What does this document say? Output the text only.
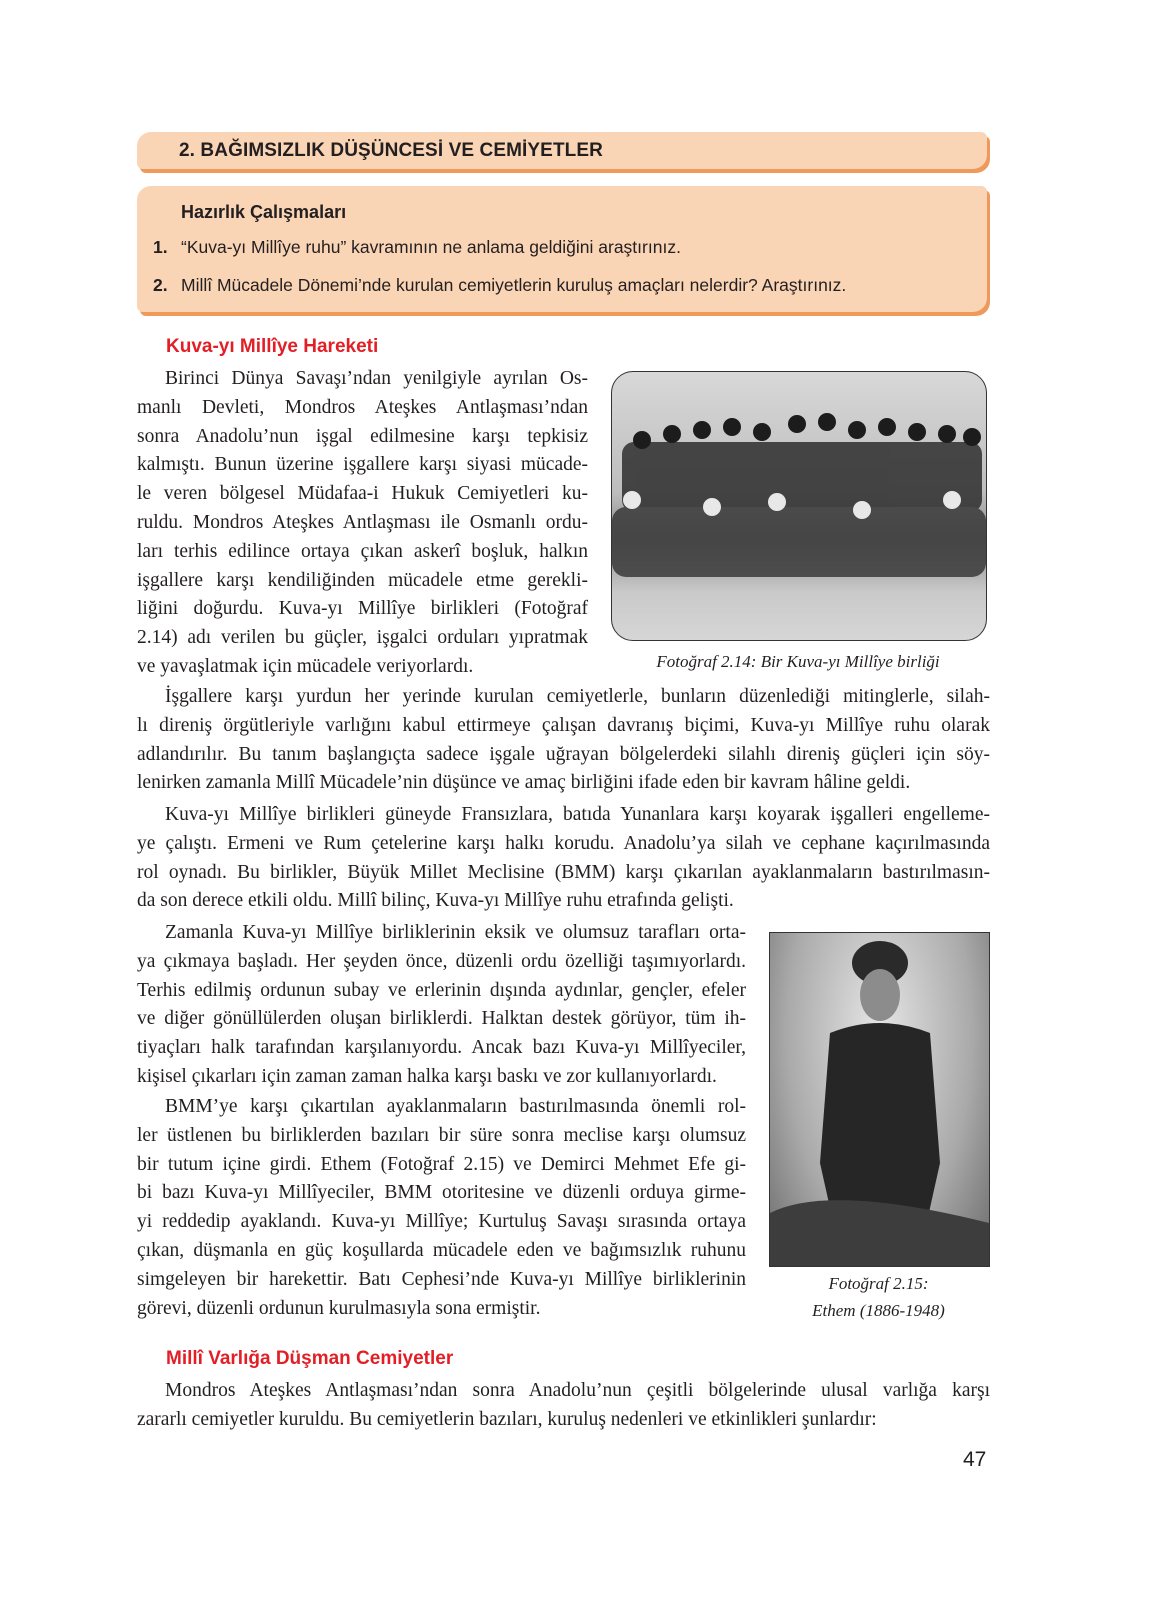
2. BAĞIMSIZLIK DÜŞÜNCESİ VE CEMİYETLER
Hazırlık Çalışmaları
1. “Kuva-yı Millîye ruhu” kavramının ne anlama geldiğini araştırınız.
2. Millî Mücadele Dönemi’nde kurulan cemiyetlerin kuruluş amaçları nelerdir? Araştırınız.
Kuva-yı Millîye Hareketi
Birinci Dünya Savaşı’ndan yenilgiyle ayrılan Os-
manlı Devleti, Mondros Ateşkes Antlaşması’ndan
sonra Anadolu’nun işgal edilmesine karşı tepkisiz
kalmıştı. Bunun üzerine işgallere karşı siyasi mücade-
le veren bölgesel Müdafaa-i Hukuk Cemiyetleri ku-
ruldu. Mondros Ateşkes Antlaşması ile Osmanlı ordu-
ları terhis edilince ortaya çıkan askerî boşluk, halkın
işgallere karşı kendiliğinden mücadele etme gerekli-
liğini doğurdu. Kuva-yı Millîye birlikleri (Fotoğraf
2.14) adı verilen bu güçler, işgalci orduları yıpratmak
ve yavaşlatmak için mücadele veriyorlardı.	Fotoğraf 2.14: Bir Kuva-yı Millîye birliği
İşgallere karşı yurdun her yerinde kurulan cemiyetlerle, bunların düzenlediği mitinglerle, silah-
lı direniş örgütleriyle varlığını kabul ettirmeye çalışan davranış biçimi, Kuva-yı Millîye ruhu olarak
adlandırılır. Bu tanım başlangıçta sadece işgale uğrayan bölgelerdeki silahlı direniş güçleri için söy-
lenirken zamanla Millî Mücadele’nin düşünce ve amaç birliğini ifade eden bir kavram hâline geldi.
Kuva-yı Millîye birlikleri güneyde Fransızlara, batıda Yunanlara karşı koyarak işgalleri engelleme-
ye çalıştı. Ermeni ve Rum çetelerine karşı halkı korudu. Anadolu’ya silah ve cephane kaçırılmasında
rol oynadı. Bu birlikler, Büyük Millet Meclisine (BMM) karşı çıkarılan ayaklanmaların bastırılmasın-
da son derece etkili oldu. Millî bilinç, Kuva-yı Millîye ruhu etrafında gelişti.
Zamanla Kuva-yı Millîye birliklerinin eksik ve olumsuz tarafları orta-
ya çıkmaya başladı. Her şeyden önce, düzenli ordu özelliği taşımıyorlardı.
Terhis edilmiş ordunun subay ve erlerinin dışında aydınlar, gençler, efeler
ve diğer gönüllülerden oluşan birliklerdi. Halktan destek görüyor, tüm ih-
tiyaçları halk tarafından karşılanıyordu. Ancak bazı Kuva-yı Millîyeciler,
kişisel çıkarları için zaman zaman halka karşı baskı ve zor kullanıyorlardı.
BMM’ye karşı çıkartılan ayaklanmaların bastırılmasında önemli rol-
ler üstlenen bu birliklerden bazıları bir süre sonra meclise karşı olumsuz
bir tutum içine girdi. Ethem (Fotoğraf 2.15) ve Demirci Mehmet Efe gi-
bi bazı Kuva-yı Millîyeciler, BMM otoritesine ve düzenli orduya girme-
yi reddedip ayaklandı. Kuva-yı Millîye; Kurtuluş Savaşı sırasında ortaya
çıkan, düşmanla en güç koşullarda mücadele eden ve bağımsızlık ruhunu
simgeleyen bir harekettir. Batı Cephesi’nde Kuva-yı Millîye birliklerinin
görevi, düzenli ordunun kurulmasıyla sona ermiştir.
Fotoğraf 2.15:
Ethem (1886-1948)
Millî Varlığa Düşman Cemiyetler
Mondros Ateşkes Antlaşması’ndan sonra Anadolu’nun çeşitli bölgelerinde ulusal varlığa karşı
zararlı cemiyetler kuruldu. Bu cemiyetlerin bazıları, kuruluş nedenleri ve etkinlikleri şunlardır:
47
